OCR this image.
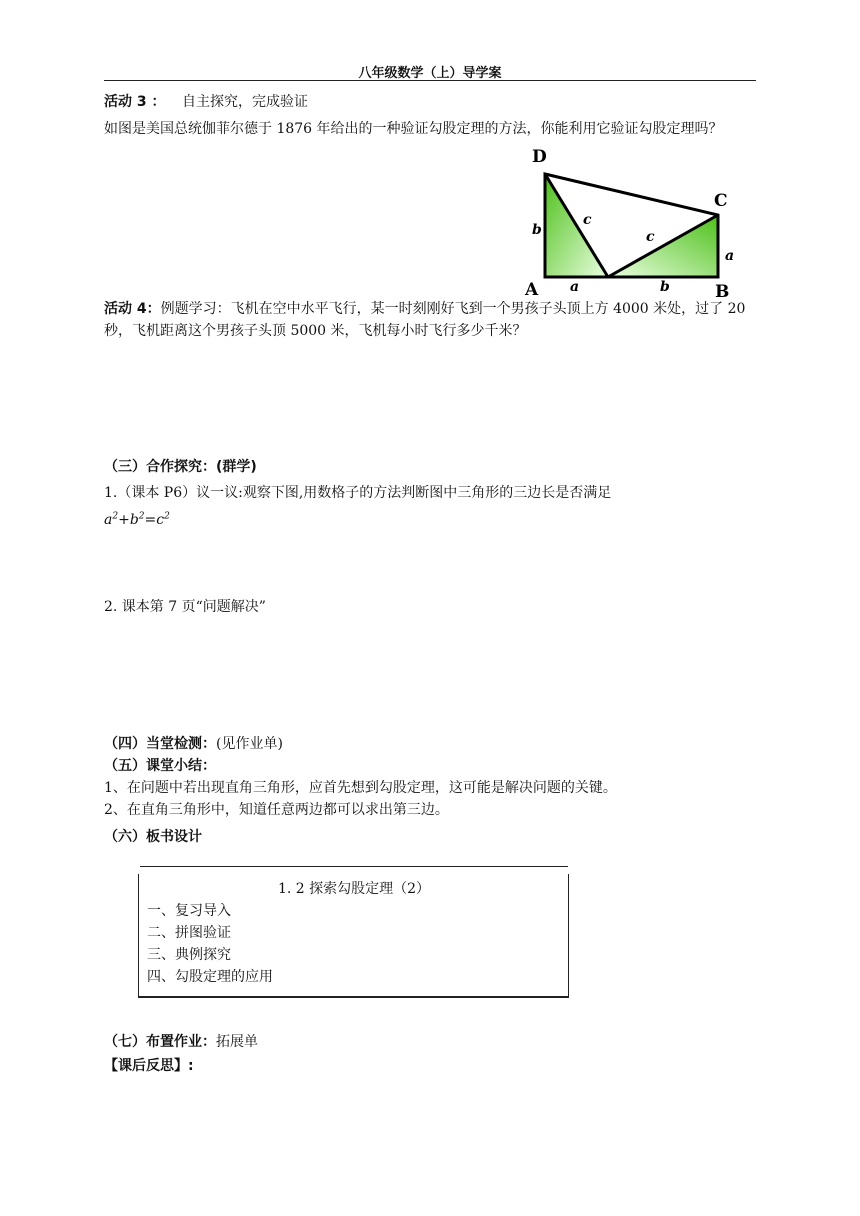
八年级数学（上）导学案
活动 3 ： 自主探究，完成验证
如图是美国总统伽菲尔德于 1876 年给出的一种验证勾股定理的方法，你能利用它验证勾股定理吗？
D
C
A	B
b
c
c
a
a	b
活动 4：例题学习：飞机在空中水平飞行，某一时刻刚好飞到一个男孩子头顶上方 4000 米处，过了 20 秒，飞机距离这个男孩子头顶 5000 米，飞机每小时飞行多少千米？
（三）合作探究：(群学)
1.（课本 P6）议一议:观察下图,用数格子的方法判断图中三角形的三边长是否满足
$a^2+b^2=c^2$
2. 课本第 7 页“问题解决”
（四）当堂检测：(见作业单)
（五）课堂小结：
1、在问题中若出现直角三角形，应首先想到勾股定理，这可能是解决问题的关键。
2、在直角三角形中，知道任意两边都可以求出第三边。
（六）板书设计
1. 2 探索勾股定理（2）
一、复习导入
二、拼图验证
三、典例探究
四、勾股定理的应用
（七）布置作业：拓展单
【课后反思】:
